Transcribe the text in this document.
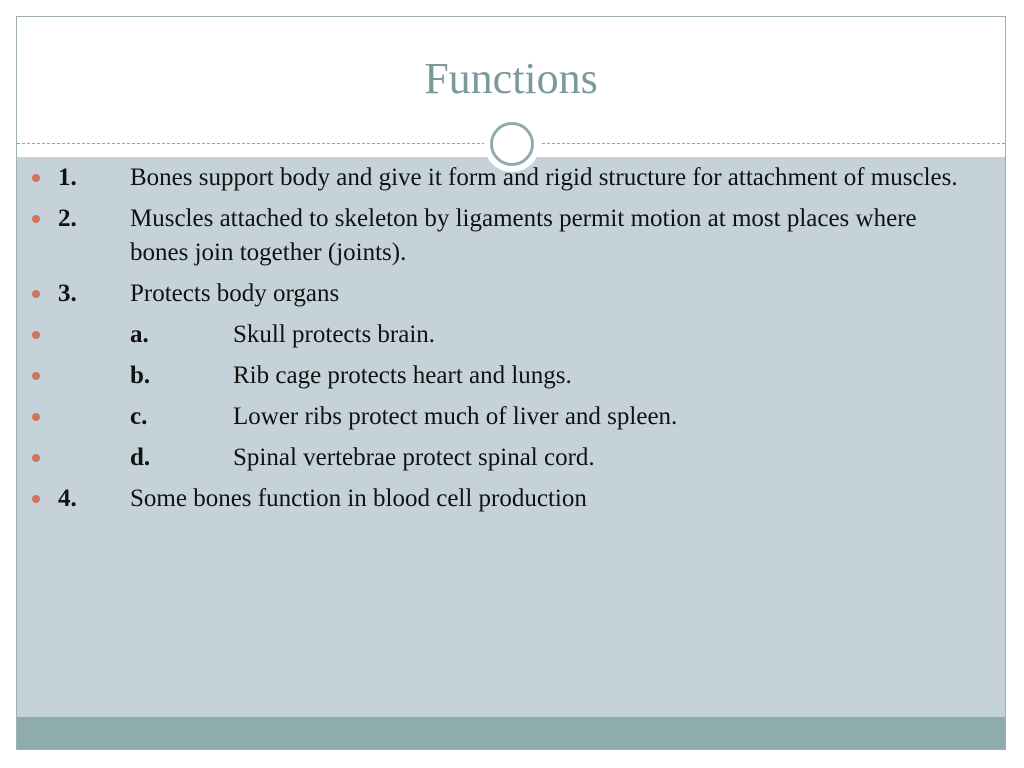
Functions
1. Bones support body and give it form and rigid structure for attachment of muscles.
2. Muscles attached to skeleton by ligaments permit motion at most places where bones join together (joints).
3. Protects body organs
a.	Skull protects brain.
b.	Rib cage protects heart and lungs.
c.	Lower ribs protect much of liver and spleen.
d.	Spinal vertebrae protect spinal cord.
4. Some bones function in blood cell production
